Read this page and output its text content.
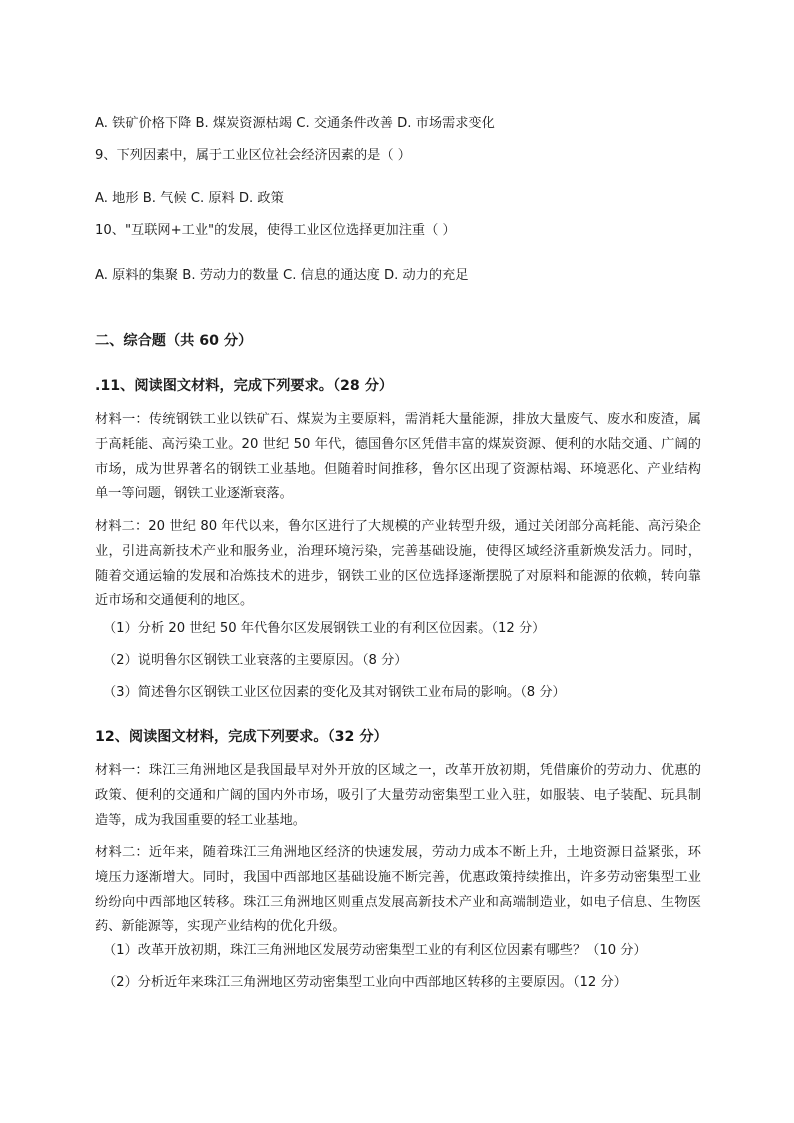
A. 铁矿价格下降 B. 煤炭资源枯竭 C. 交通条件改善 D. 市场需求变化
9、下列因素中，属于工业区位社会经济因素的是（ ）
A. 地形 B. 气候 C. 原料 D. 政策
10、"互联网+工业"的发展，使得工业区位选择更加注重（ ）
A. 原料的集聚 B. 劳动力的数量 C. 信息的通达度 D. 动力的充足
二、综合题（共 60 分）
.11、阅读图文材料，完成下列要求。（28 分）
材料一：传统钢铁工业以铁矿石、煤炭为主要原料，需消耗大量能源，排放大量废气、废水和废渣，属于高耗能、高污染工业。20 世纪 50 年代，德国鲁尔区凭借丰富的煤炭资源、便利的水陆交通、广阔的市场，成为世界著名的钢铁工业基地。但随着时间推移，鲁尔区出现了资源枯竭、环境恶化、产业结构单一等问题，钢铁工业逐渐衰落。
材料二：20 世纪 80 年代以来，鲁尔区进行了大规模的产业转型升级，通过关闭部分高耗能、高污染企业，引进高新技术产业和服务业，治理环境污染，完善基础设施，使得区域经济重新焕发活力。同时，随着交通运输的发展和冶炼技术的进步，钢铁工业的区位选择逐渐摆脱了对原料和能源的依赖，转向靠近市场和交通便利的地区。
（1）分析 20 世纪 50 年代鲁尔区发展钢铁工业的有利区位因素。（12 分）
（2）说明鲁尔区钢铁工业衰落的主要原因。（8 分）
（3）简述鲁尔区钢铁工业区位因素的变化及其对钢铁工业布局的影响。（8 分）
12、阅读图文材料，完成下列要求。（32 分）
材料一：珠江三角洲地区是我国最早对外开放的区域之一，改革开放初期，凭借廉价的劳动力、优惠的政策、便利的交通和广阔的国内外市场，吸引了大量劳动密集型工业入驻，如服装、电子装配、玩具制造等，成为我国重要的轻工业基地。
材料二：近年来，随着珠江三角洲地区经济的快速发展，劳动力成本不断上升，土地资源日益紧张，环境压力逐渐增大。同时，我国中西部地区基础设施不断完善，优惠政策持续推出，许多劳动密集型工业纷纷向中西部地区转移。珠江三角洲地区则重点发展高新技术产业和高端制造业，如电子信息、生物医药、新能源等，实现产业结构的优化升级。
（1）改革开放初期，珠江三角洲地区发展劳动密集型工业的有利区位因素有哪些？（10 分）
（2）分析近年来珠江三角洲地区劳动密集型工业向中西部地区转移的主要原因。（12 分）
